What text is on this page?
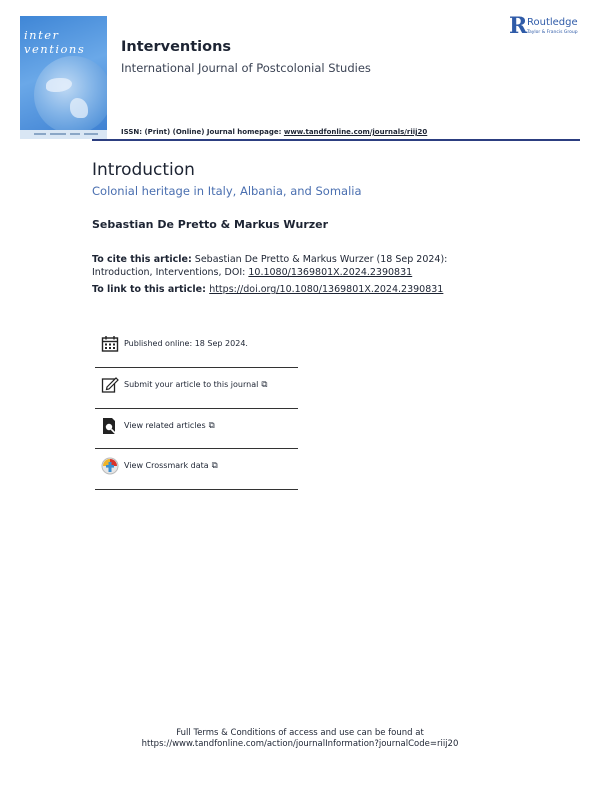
inter
ventions Interventions
International Journal of Postcolonial Studies
ISSN: (Print) (Online) Journal homepage: www.tandfonline.com/journals/riij20
R Routledge
Taylor & Francis Group
Introduction
Colonial heritage in Italy, Albania, and Somalia
Sebastian De Pretto & Markus Wurzer
To cite this article: Sebastian De Pretto & Markus Wurzer (18 Sep 2024): Introduction, Interventions, DOI: 10.1080/1369801X.2024.2390831
To link to this article: https://doi.org/10.1080/1369801X.2024.2390831
Published online: 18 Sep 2024.
Submit your article to this journal ⧉
View related articles ⧉
View Crossmark data ⧉
Full Terms & Conditions of access and use can be found at
https://www.tandfonline.com/action/journalInformation?journalCode=riij20
